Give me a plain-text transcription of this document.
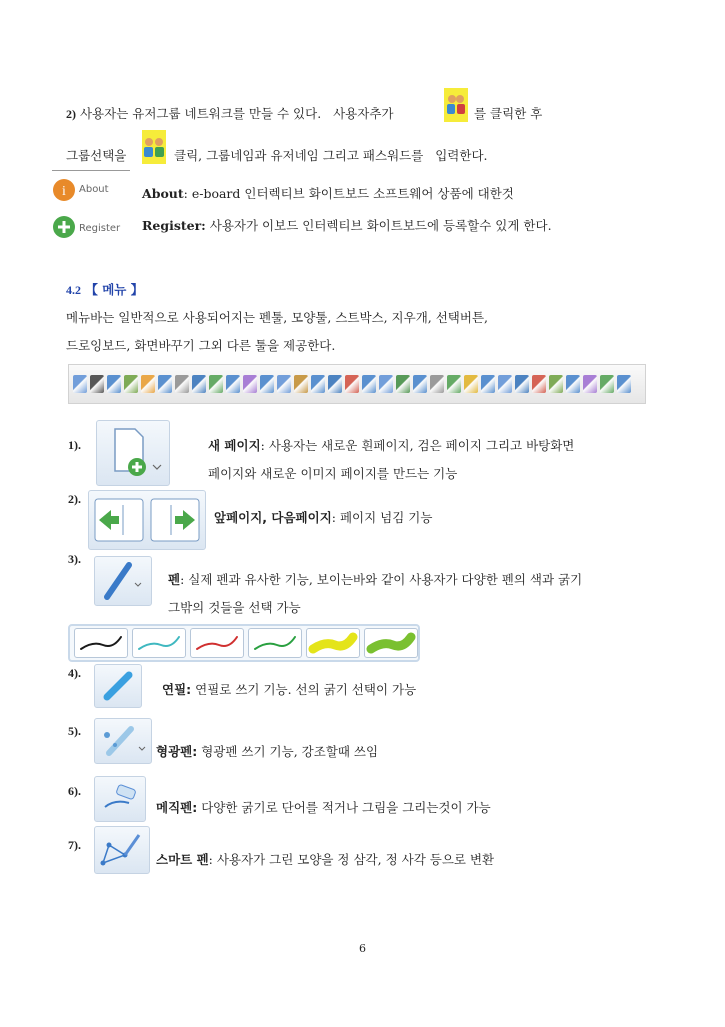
2) 사용자는 유저그룹 네트워크를 만들 수 있다. 사용자추가	를 클릭한 후
그룹선택을	클릭, 그룹네임과 유저네임 그리고 패스워드를 입력한다.
i About	About: e-board 인터렉티브 화이트보드 소프트웨어 상품에 대한것
Register Register: 사용자가 이보드 인터렉티브 화이트보드에 등록할수 있게 한다.
4.2 【 메뉴 】
메뉴바는 일반적으로 사용되어지는 펜툴, 모양툴, 스트박스, 지우개, 선택버튼,
드로잉보드, 화면바꾸기 그외 다른 툴을 제공한다.
1).	새 페이지: 사용자는 새로운 흰페이지, 검은 페이지 그리고 바탕화면
페이지와 새로운 이미지 페이지를 만드는 기능
2).
앞페이지, 다음페이지: 페이지 넘김 기능
3).
펜: 실제 펜과 유사한 기능, 보이는바와 같이 사용자가 다양한 펜의 색과 굵기
그밖의 것들을 선택 가능
4).
연필: 연필로 쓰기 기능. 선의 굵기 선택이 가능
5).
형광펜: 형광펜 쓰기 기능, 강조할때 쓰임
6).
메직펜: 다양한 굵기로 단어를 적거나 그림을 그리는것이 가능
7).
스마트 펜: 사용자가 그린 모양을 정 삼각, 정 사각 등으로 변환
6
